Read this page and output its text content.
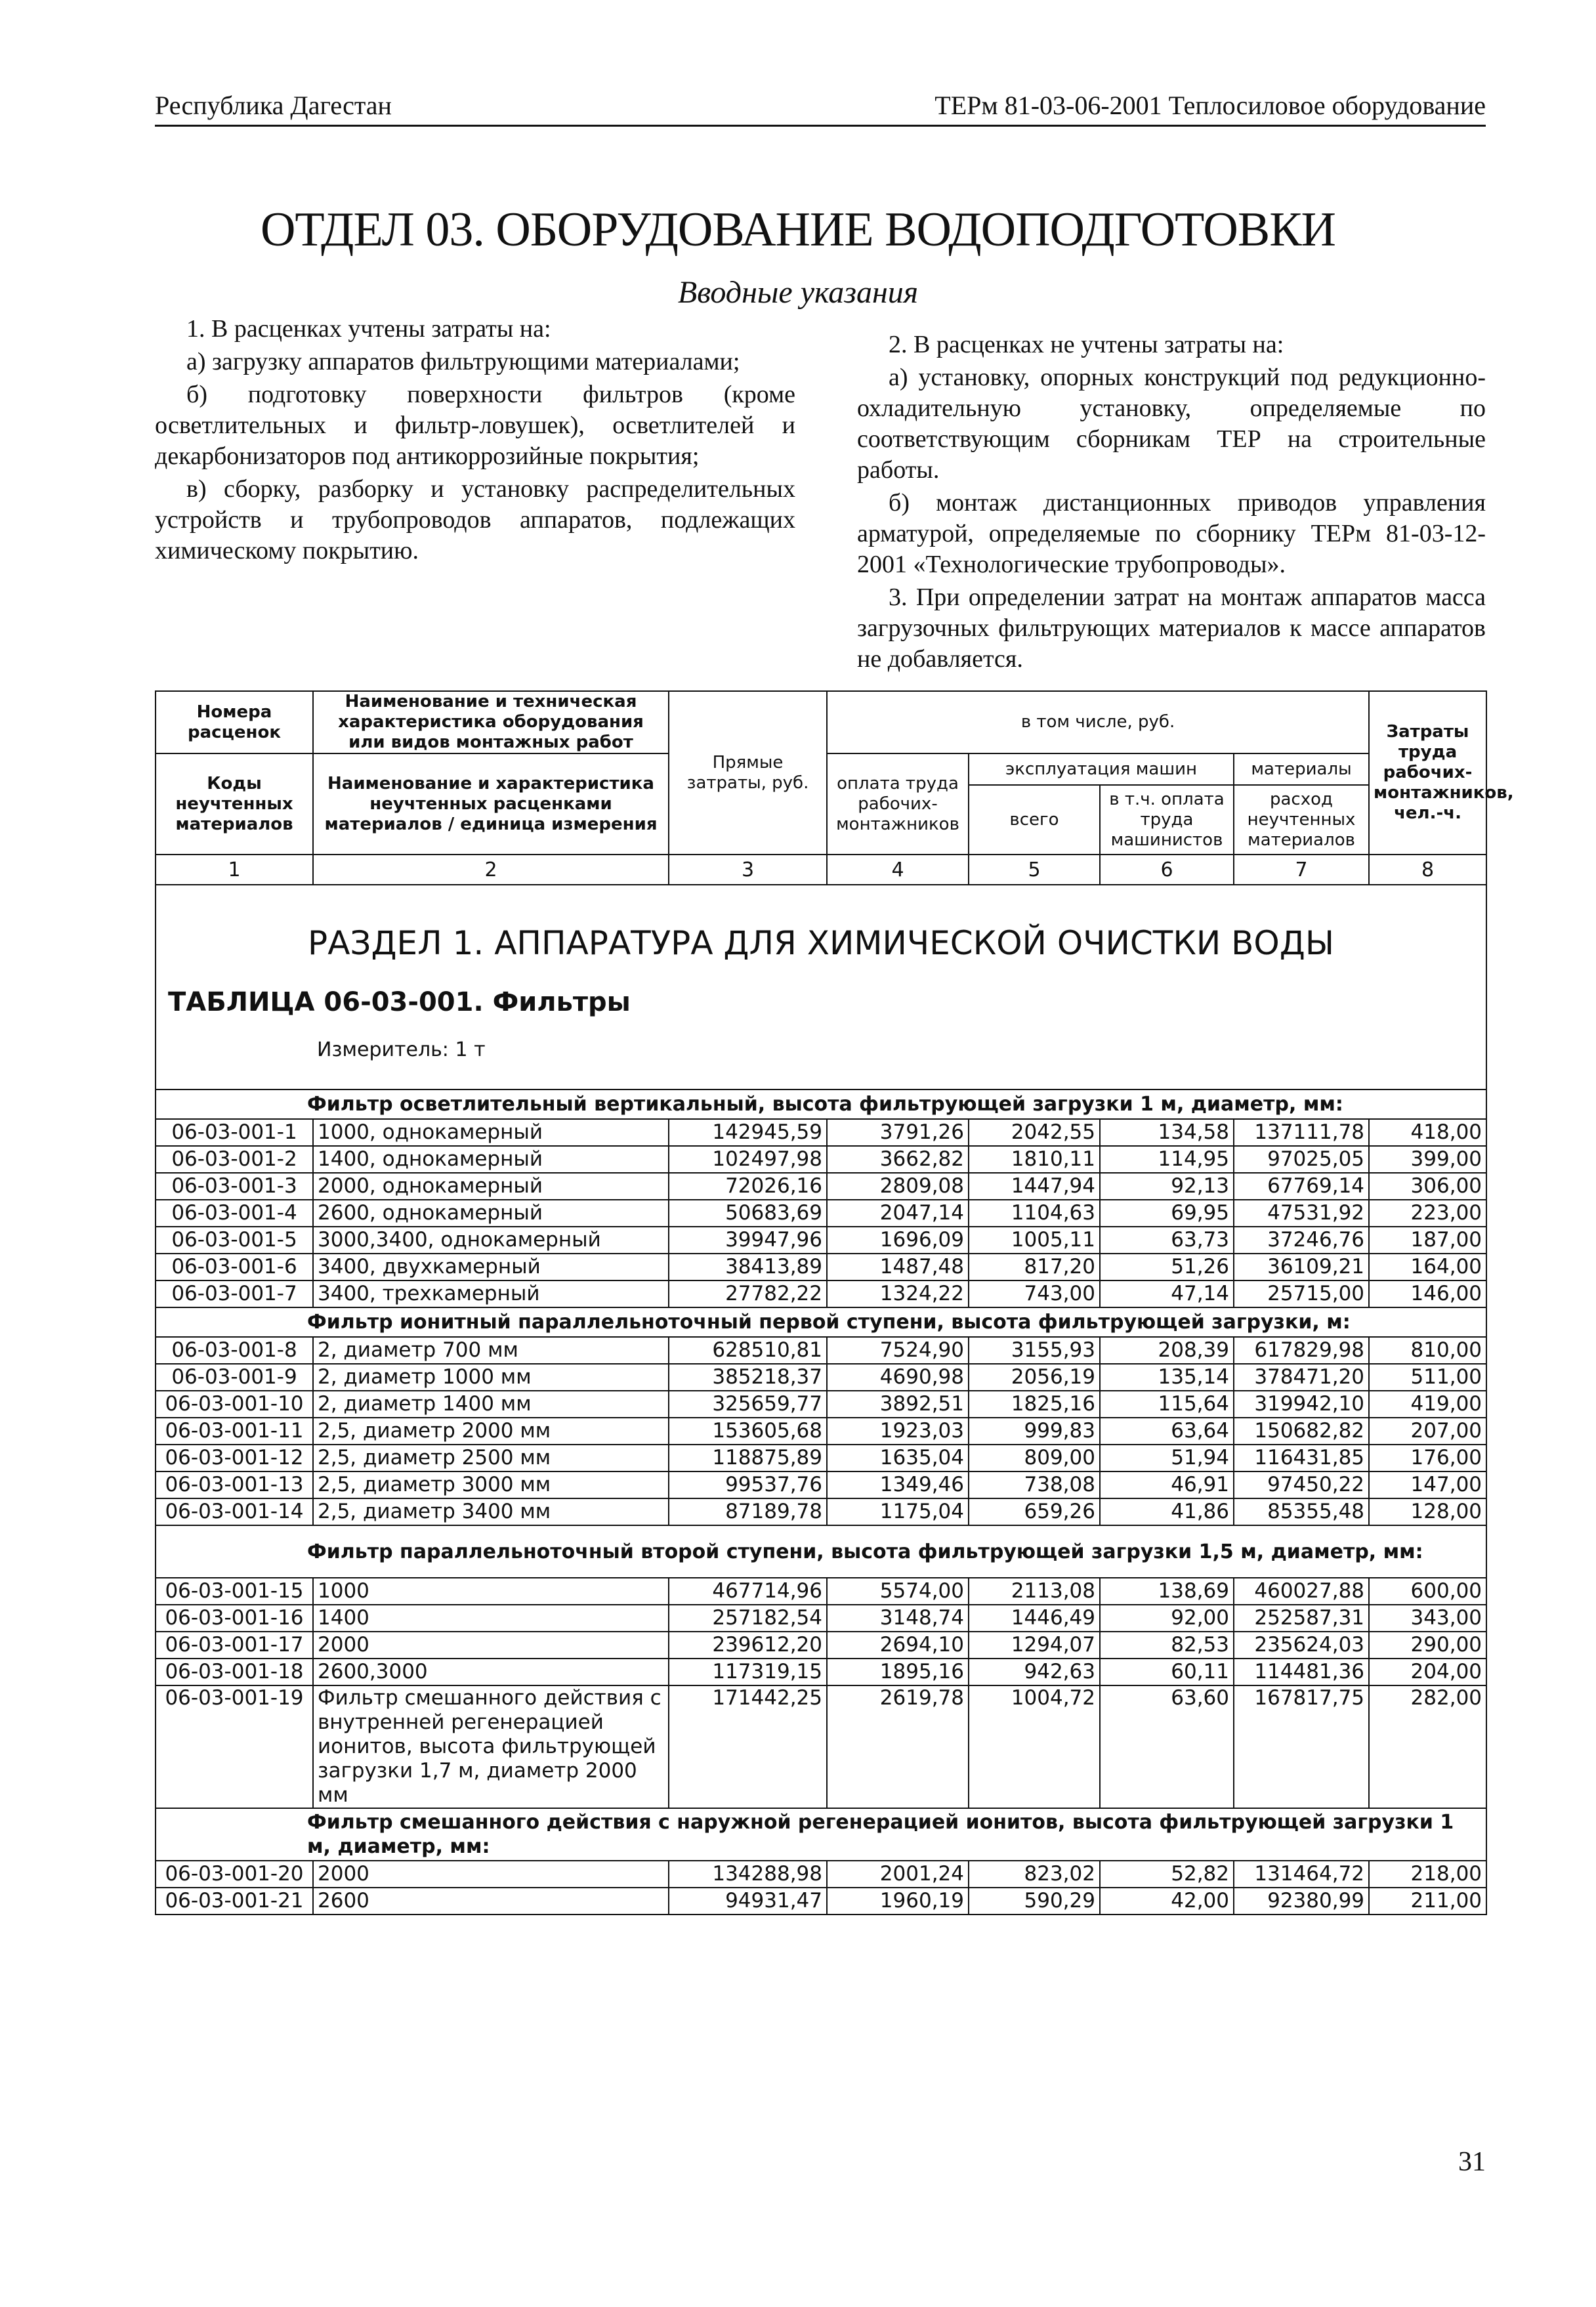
Республика Дагестан	ТЕРм 81-03-06-2001 Теплосиловое оборудование
ОТДЕЛ 03. ОБОРУДОВАНИЕ ВОДОПОДГОТОВКИ
Вводные указания

1. В расценках учтены затраты на:

а) загрузку аппаратов фильтрующими материалами;

б) подготовку поверхности фильтров (кроме осветлительных и фильтр-ловушек), осветлителей и декарбонизаторов под антикоррозийные покрытия;

в) сборку, разборку и установку распределительных устройств и трубопроводов аппаратов, подлежащих химическому покрытию.

2. В расценках не учтены затраты на:

а) установку, опорных конструкций под редукционно-охладительную установку, определяемые по соответствующим сборникам ТЕР на строительные работы.

б) монтаж дистанционных приводов управления арматурой, определяемые по сборнику ТЕРм 81-03-12-2001 «Технологические трубопроводы».

3. При определении затрат на монтаж аппаратов масса загрузочных фильтрующих материалов к массе аппаратов не добавляется.

Номера расценок	Наименование и техническая характеристика оборудования или видов монтажных работ	Прямые затраты, руб.	в том числе, руб.				Затраты труда рабочих-монтажников, чел.-ч.
Коды неучтенных материалов	Наименование и характеристика неучтенных расценками материалов / единица измерения		оплата труда рабочих-монтажников	эксплуатация машин		материалы	
				всего	в т.ч. оплата труда машинистов	расход неучтенных материалов	
1	2	3	4	5	6	7	8

РАЗДЕЛ 1. АППАРАТУРА ДЛЯ ХИМИЧЕСКОЙ ОЧИСТКИ ВОДЫ
ТАБЛИЦА 06-03-001. Фильтры
Измеритель: 1 т							

Фильтр осветлительный вертикальный, высота фильтрующей загрузки 1 м, диаметр, мм:							
06-03-001-1	1000, однокамерный	142945,59	3791,26	2042,55	134,58	137111,78	418,00
06-03-001-2	1400, однокамерный	102497,98	3662,82	1810,11	114,95	97025,05	399,00
06-03-001-3	2000, однокамерный	72026,16	2809,08	1447,94	92,13	67769,14	306,00
06-03-001-4	2600, однокамерный	50683,69	2047,14	1104,63	69,95	47531,92	223,00
06-03-001-5	3000,3400, однокамерный	39947,96	1696,09	1005,11	63,73	37246,76	187,00
06-03-001-6	3400, двухкамерный	38413,89	1487,48	817,20	51,26	36109,21	164,00
06-03-001-7	3400, трехкамерный	27782,22	1324,22	743,00	47,14	25715,00	146,00
Фильтр ионитный параллельноточный первой ступени, высота фильтрующей загрузки, м:							
06-03-001-8	2, диаметр 700 мм	628510,81	7524,90	3155,93	208,39	617829,98	810,00
06-03-001-9	2, диаметр 1000 мм	385218,37	4690,98	2056,19	135,14	378471,20	511,00
06-03-001-10	2, диаметр 1400 мм	325659,77	3892,51	1825,16	115,64	319942,10	419,00
06-03-001-11	2,5, диаметр 2000 мм	153605,68	1923,03	999,83	63,64	150682,82	207,00
06-03-001-12	2,5, диаметр 2500 мм	118875,89	1635,04	809,00	51,94	116431,85	176,00
06-03-001-13	2,5, диаметр 3000 мм	99537,76	1349,46	738,08	46,91	97450,22	147,00
06-03-001-14	2,5, диаметр 3400 мм	87189,78	1175,04	659,26	41,86	85355,48	128,00
Фильтр параллельноточный второй ступени, высота фильтрующей загрузки 1,5 м, диаметр, мм:							
06-03-001-15	1000	467714,96	5574,00	2113,08	138,69	460027,88	600,00
06-03-001-16	1400	257182,54	3148,74	1446,49	92,00	252587,31	343,00
06-03-001-17	2000	239612,20	2694,10	1294,07	82,53	235624,03	290,00
06-03-001-18	2600,3000	117319,15	1895,16	942,63	60,11	114481,36	204,00
06-03-001-19	Фильтр смешанного действия с внутренней регенерацией ионитов, высота фильтрующей загрузки 1,7 м, диаметр 2000 мм	171442,25	2619,78	1004,72	63,60	167817,75	282,00
Фильтр смешанного действия с наружной регенерацией ионитов, высота фильтрующей загрузки 1 м, диаметр, мм:							
06-03-001-20	2000	134288,98	2001,24	823,02	52,82	131464,72	218,00
06-03-001-21	2600	94931,47	1960,19	590,29	42,00	92380,99	211,00
31
